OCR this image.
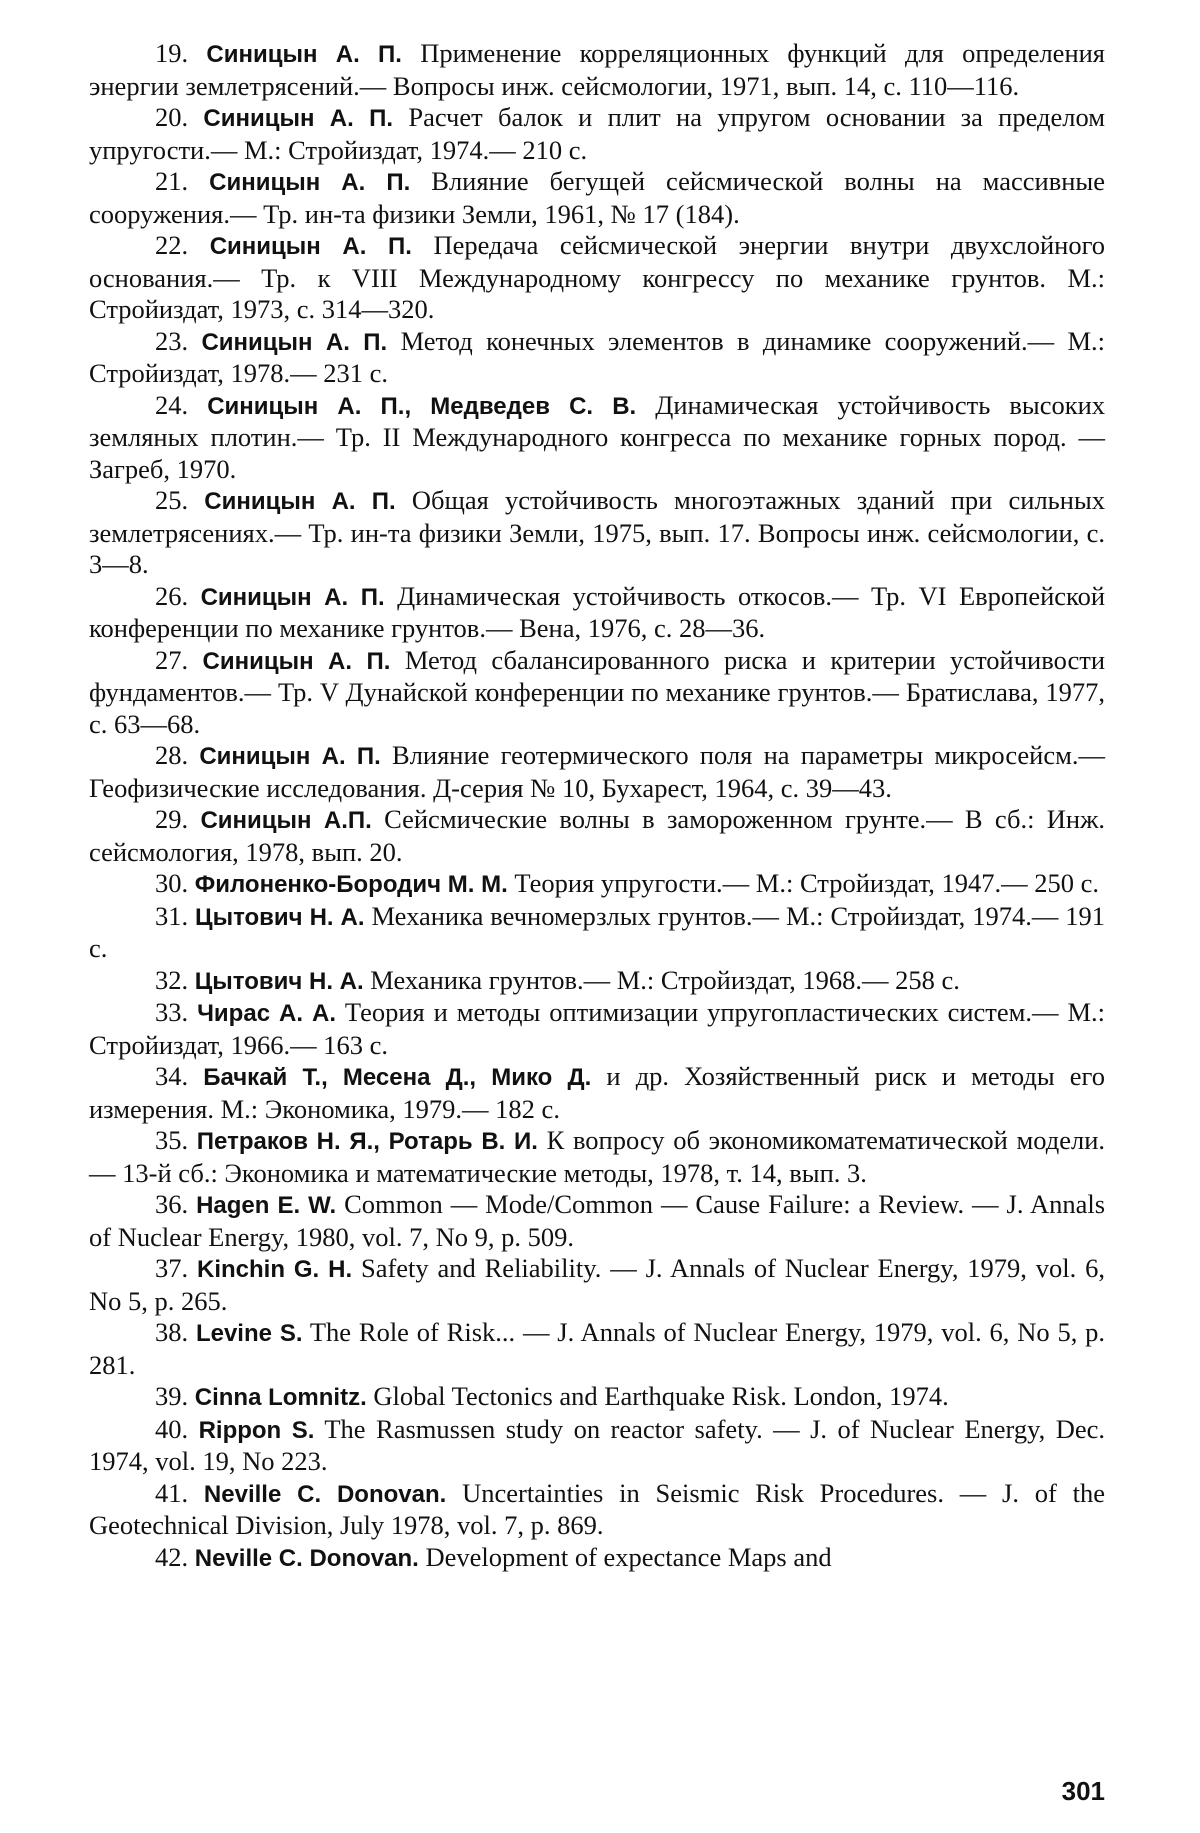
19. Синицын А. П. Применение корреляционных функций для определения энергии землетрясений.— Вопросы инж. сейсмологии, 1971, вып. 14, с. 110—116.

20. Синицын А. П. Расчет балок и плит на упругом основании за пределом упругости.— М.: Стройиздат, 1974.— 210 с.

21. Синицын А. П. Влияние бегущей сейсмической волны на массивные сооружения.— Тр. ин-та физики Земли, 1961, № 17 (184).

22. Синицын А. П. Передача сейсмической энергии внутри двухслойного основания.— Тр. к VIII Международному конгрессу по механике грунтов. М.: Стройиздат, 1973, с. 314—320.

23. Синицын А. П. Метод конечных элементов в динамике сооружений.— М.: Стройиздат, 1978.— 231 с.

24. Синицын А. П., Медведев С. В. Динамическая устойчивость высоких земляных плотин.— Тр. II Международного конгресса по механике горных пород. — Загреб, 1970.

25. Синицын А. П. Общая устойчивость многоэтажных зданий при сильных землетрясениях.— Тр. ин-та физики Земли, 1975, вып. 17. Вопросы инж. сейсмологии, с. 3—8.

26. Синицын А. П. Динамическая устойчивость откосов.— Тр. VI Европейской конференции по механике грунтов.— Вена, 1976, с. 28—36.

27. Синицын А. П. Метод сбалансированного риска и критерии устойчивости фундаментов.— Тр. V Дунайской конференции по механике грунтов.— Братислава, 1977, с. 63—68.

28. Синицын А. П. Влияние геотермического поля на параметры микросейсм.— Геофизические исследования. Д-серия № 10, Бухарест, 1964, с. 39—43.

29. Синицын А.П. Сейсмические волны в замороженном грунте.— В сб.: Инж. сейсмология, 1978, вып. 20.

30. Филоненко-Бородич М. М. Теория упругости.— М.: Стройиздат, 1947.— 250 с.

31. Цытович Н. А. Механика вечномерзлых грунтов.— М.: Стройиздат, 1974.— 191 с.

32. Цытович Н. А. Механика грунтов.— М.: Стройиздат, 1968.— 258 с.

33. Чирас А. А. Теория и методы оптимизации упругопластических систем.— М.: Стройиздат, 1966.— 163 с.

34. Бачкай Т., Месена Д., Мико Д. и др. Хозяйственный риск и методы его измерения. М.: Экономика, 1979.— 182 с.

35. Петраков Н. Я., Ротарь В. И. К вопросу об экономикоматематической модели.— 13-й сб.: Экономика и математические методы, 1978, т. 14, вып. 3.

36. Hagen E. W. Common — Mode/Common — Cause Failure: a Review. — J. Annals of Nuclear Energy, 1980, vol. 7, No 9, p. 509.

37. Kinchin G. H. Safety and Reliability. — J. Annals of Nuclear Energy, 1979, vol. 6, No 5, p. 265.

38. Levine S. The Role of Risk... — J. Annals of Nuclear Energy, 1979, vol. 6, No 5, p. 281.

39. Cinna Lomnitz. Global Tectonics and Earthquake Risk. London, 1974.

40. Rippon S. The Rasmussen study on reactor safety. — J. of Nuclear Energy, Dec. 1974, vol. 19, No 223.

41. Neville C. Donovan. Uncertainties in Seismic Risk Procedures. — J. of the Geotechnical Division, July 1978, vol. 7, p. 869.

42. Neville C. Donovan. Development of expectance Maps and

301
